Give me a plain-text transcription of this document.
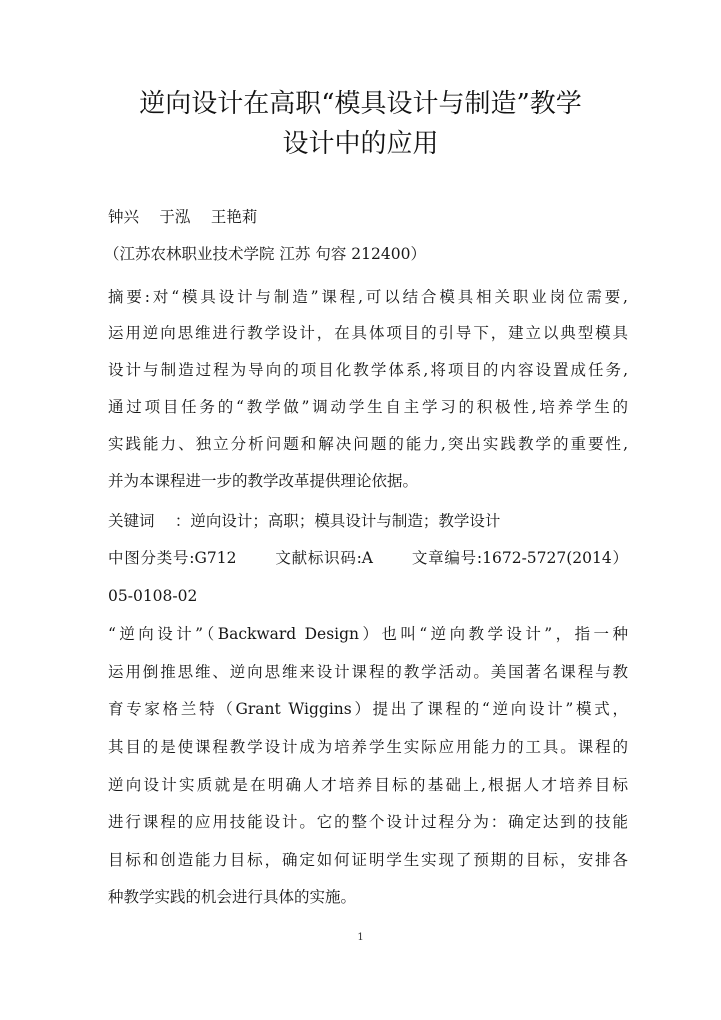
逆向设计在高职“模具设计与制造”教学
设计中的应用
钟兴　 于泓　 王艳莉
（江苏农林职业技术学院 江苏 句容 212400）
摘要:对“模具设计与制造”课程,可以结合模具相关职业岗位需要,
运用逆向思维进行教学设计，在具体项目的引导下，建立以典型模具
设计与制造过程为导向的项目化教学体系,将项目的内容设置成任务,
通过项目任务的“教学做”调动学生自主学习的积极性,培养学生的
实践能力、独立分析问题和解决问题的能力,突出实践教学的重要性,
并为本课程进一步的教学改革提供理论依据。
关键词　 ：逆向设计；高职；模具设计与制造；教学设计
中图分类号:G712　　 文献标识码:A　　 文章编号:1672-5727(2014）
05-0108-02
“逆向设计”（Backward Design）也叫“逆向教学设计”，指一种
运用倒推思维、逆向思维来设计课程的教学活动。美国著名课程与教
育专家格兰特（Grant Wiggins）提出了课程的“逆向设计”模式，
其目的是使课程教学设计成为培养学生实际应用能力的工具。课程的
逆向设计实质就是在明确人才培养目标的基础上,根据人才培养目标
进行课程的应用技能设计。它的整个设计过程分为：确定达到的技能
目标和创造能力目标，确定如何证明学生实现了预期的目标，安排各
种教学实践的机会进行具体的实施。
1
